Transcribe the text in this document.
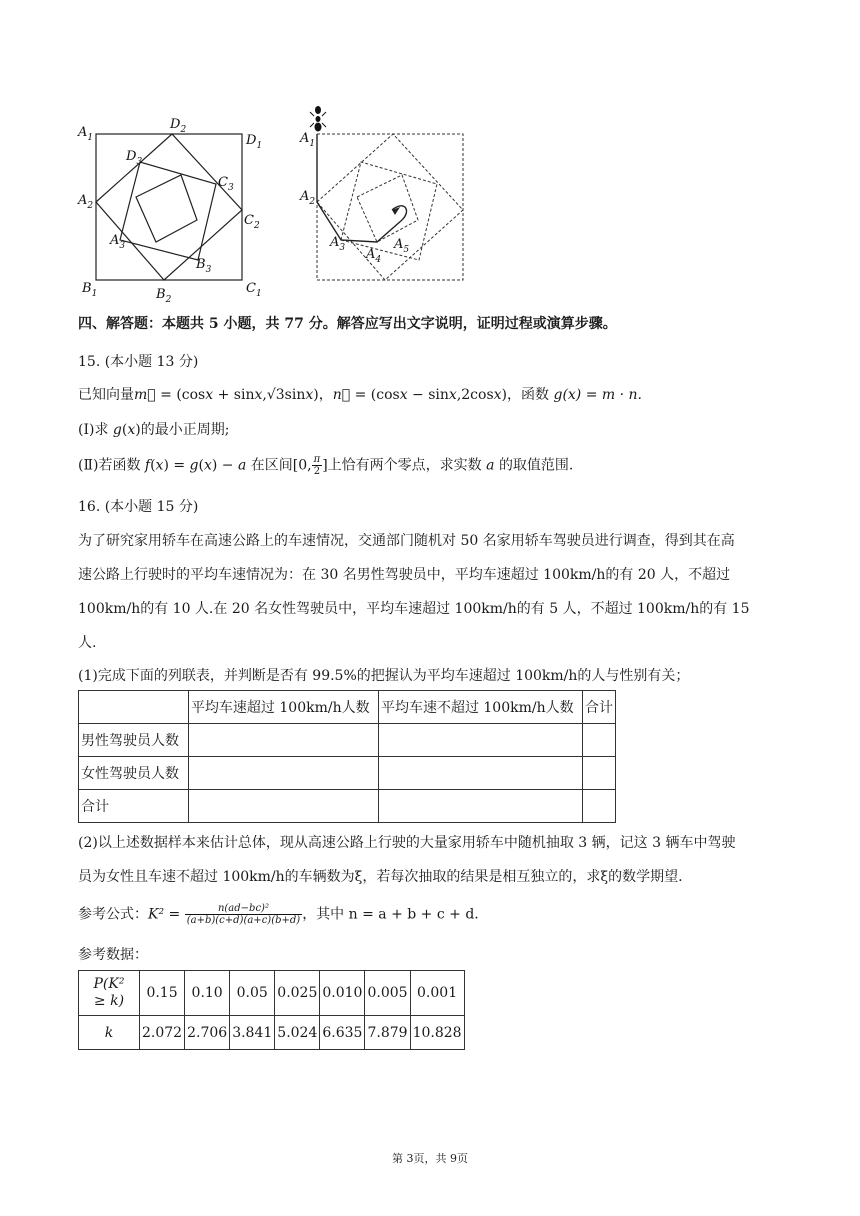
$A_1$
$D_2$
$D_1$
$D_3$
$C_3$
$C_2$
$A_2$
$A_3$
$B_3$
$B_1$	$B_2$
$C_1$
$A_1$
$A_2$
$A_3$ $A_4$
$A_5$
四、解答题：本题共 5 小题，共 77 分。解答应写出文字说明，证明过程或演算步骤。
15. (本小题 13 分)
已知向量m⃗ = (cosx + sinx,√3sinx)，n⃗ = (cosx − sinx,2cosx)，函数 g(x) = m · n.
(Ⅰ)求 g(x)的最小正周期;
(Ⅱ)若函数 f(x) = g(x) − a 在区间[0, $\frac{\pi}{2}$ ]上恰有两个零点，求实数 a 的取值范围.
16. (本小题 15 分)
为了研究家用轿车在高速公路上的车速情况，交通部门随机对 50 名家用轿车驾驶员进行调查，得到其在高
速公路上行驶时的平均车速情况为：在 30 名男性驾驶员中，平均车速超过 100km/h的有 20 人，不超过
100km/h的有 10 人.在 20 名女性驾驶员中，平均车速超过 100km/h的有 5 人，不超过 100km/h的有 15
人.
(1)完成下面的列联表，并判断是否有 99.5%的把握认为平均车速超过 100km/h的人与性别有关；
	平均车速超过 100km/h人数	平均车速不超过 100km/h人数	合计
男性驾驶员人数			
女性驾驶员人数			
合计			
(2)以上述数据样本来估计总体，现从高速公路上行驶的大量家用轿车中随机抽取 3 辆，记这 3 辆车中驾驶
员为女性且车速不超过 100km/h的车辆数为ξ，若每次抽取的结果是相互独立的，求ξ的数学期望.
参考公式：$K^2 = \frac{\text{n(ad−bc)²}}{(a+b)(c+d)(a+c)(b+d)}$ ，其中 n = a + b + c + d.
参考数据：
P(K²
≥ k)	0.15	0.10	0.05	0.025	0.010	0.005	0.001
k	2.072	2.706	3.841	5.024	6.635	7.879	10.828
第 3页，共 9页
